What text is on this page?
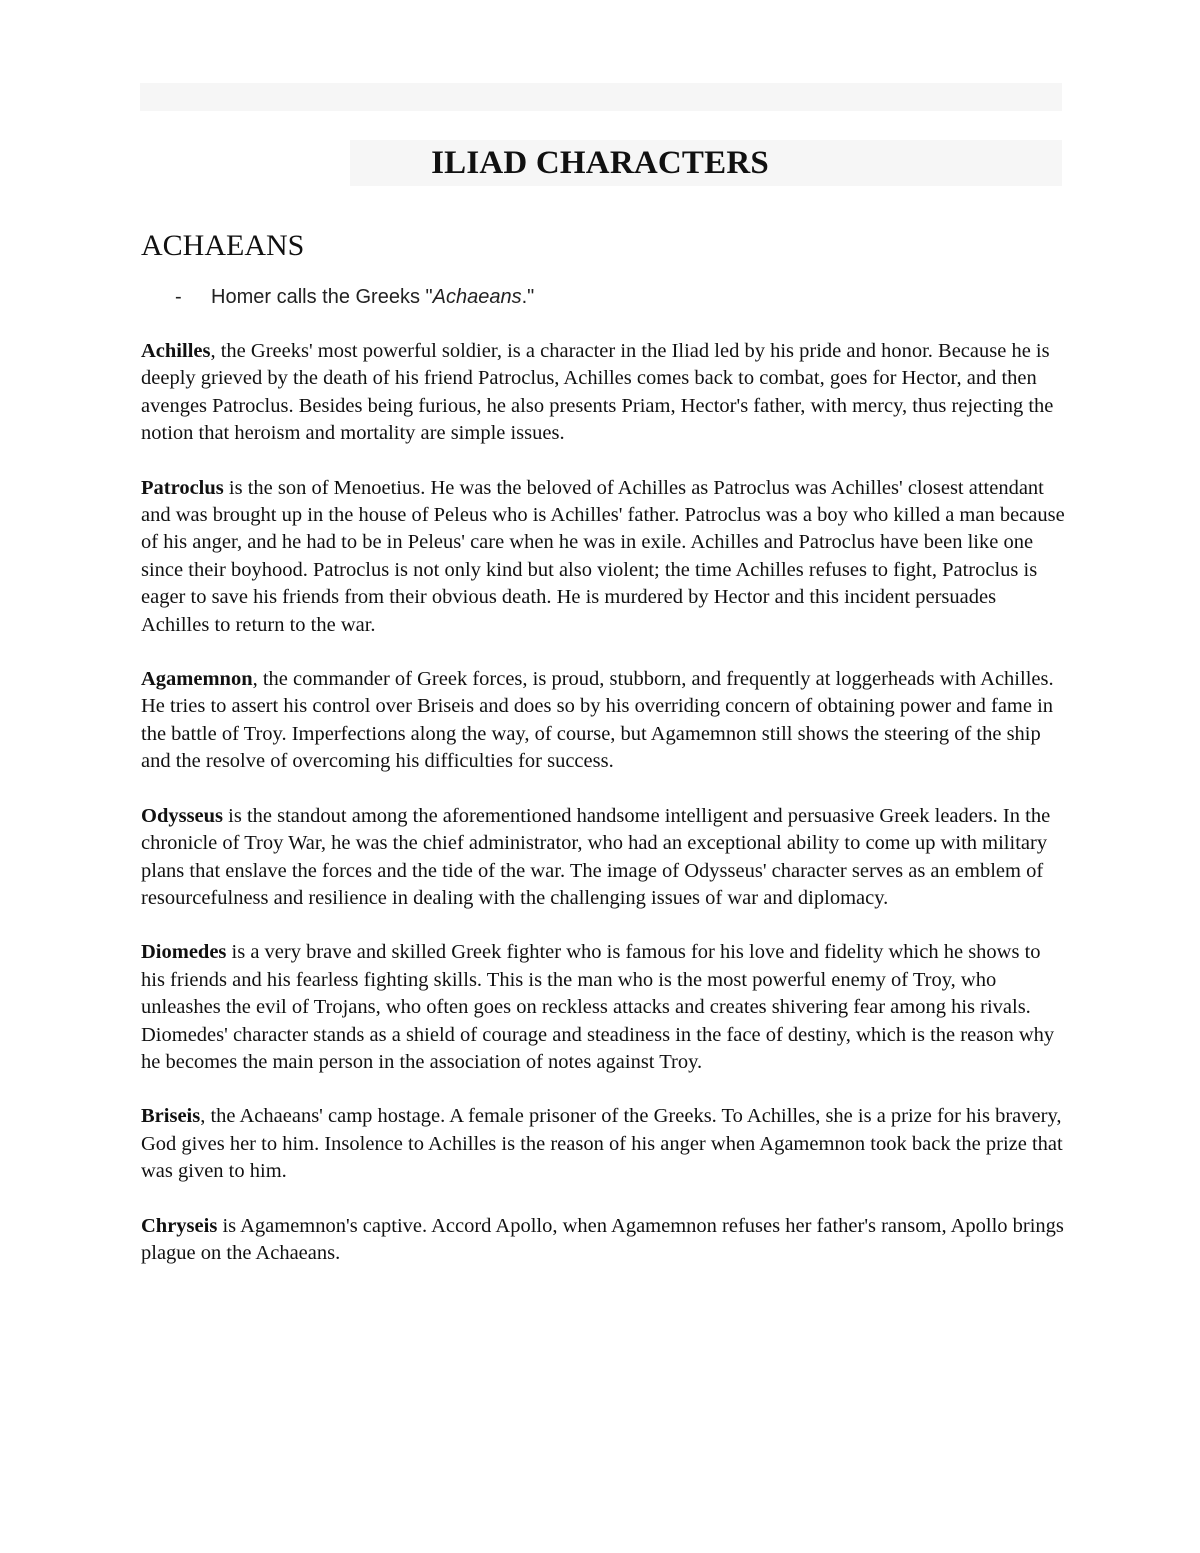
ILIAD CHARACTERS
ACHAEANS
- Homer calls the Greeks "Achaeans."

Achilles, the Greeks' most powerful soldier, is a character in the Iliad led by his pride and honor. Because he is deeply grieved by the death of his friend Patroclus, Achilles comes back to combat, goes for Hector, and then avenges Patroclus. Besides being furious, he also presents Priam, Hector's father, with mercy, thus rejecting the notion that heroism and mortality are simple issues.

Patroclus is the son of Menoetius. He was the beloved of Achilles as Patroclus was Achilles' closest attendant and was brought up in the house of Peleus who is Achilles' father. Patroclus was a boy who killed a man because of his anger, and he had to be in Peleus' care when he was in exile. Achilles and Patroclus have been like one since their boyhood. Patroclus is not only kind but also violent; the time Achilles refuses to fight, Patroclus is eager to save his friends from their obvious death. He is murdered by Hector and this incident persuades Achilles to return to the war.

Agamemnon, the commander of Greek forces, is proud, stubborn, and frequently at loggerheads with Achilles. He tries to assert his control over Briseis and does so by his overriding concern of obtaining power and fame in the battle of Troy. Imperfections along the way, of course, but Agamemnon still shows the steering of the ship and the resolve of overcoming his difficulties for success.

Odysseus is the standout among the aforementioned handsome intelligent and persuasive Greek leaders. In the chronicle of Troy War, he was the chief administrator, who had an exceptional ability to come up with military plans that enslave the forces and the tide of the war. The image of Odysseus' character serves as an emblem of resourcefulness and resilience in dealing with the challenging issues of war and diplomacy.

Diomedes is a very brave and skilled Greek fighter who is famous for his love and fidelity which he shows to his friends and his fearless fighting skills. This is the man who is the most powerful enemy of Troy, who unleashes the evil of Trojans, who often goes on reckless attacks and creates shivering fear among his rivals. Diomedes' character stands as a shield of courage and steadiness in the face of destiny, which is the reason why he becomes the main person in the association of notes against Troy.

Briseis, the Achaeans' camp hostage. A female prisoner of the Greeks. To Achilles, she is a prize for his bravery, God gives her to him. Insolence to Achilles is the reason of his anger when Agamemnon took back the prize that was given to him.

Chryseis is Agamemnon's captive. Accord Apollo, when Agamemnon refuses her father's ransom, Apollo brings plague on the Achaeans.
